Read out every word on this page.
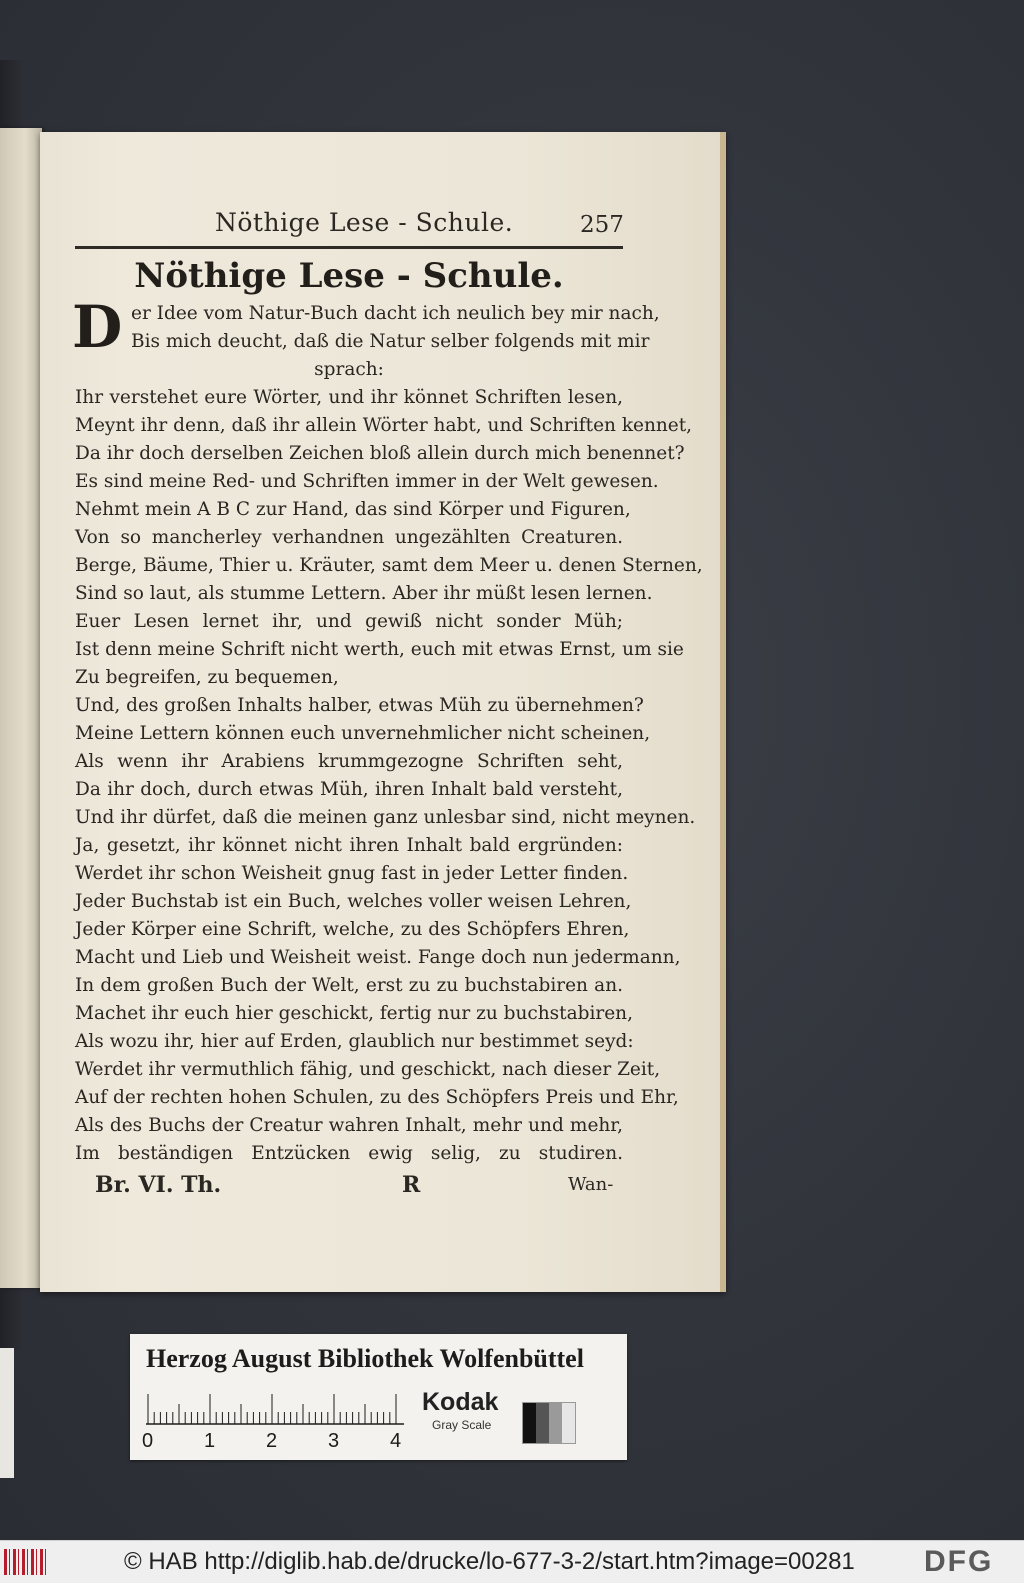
Nöthige Lese - Schule.	257
Nöthige Lese - Schule.
D er Idee vom Natur-Buch dacht ich neulich bey mir nach,
Bis mich deucht, daß die Natur selber folgends mit mir
sprach:
Ihr verstehet eure Wörter, und ihr könnet Schriften lesen,
Meynt ihr denn, daß ihr allein Wörter habt, und Schriften kennet,
Da ihr doch derselben Zeichen bloß allein durch mich benennet?
Es sind meine Red- und Schriften immer in der Welt gewesen.
Nehmt mein A B C zur Hand, das sind Körper und Figuren,
Von so mancherley verhandnen ungezählten Creaturen.
Berge, Bäume, Thier u. Kräuter, samt dem Meer u. denen Sternen,
Sind so laut, als stumme Lettern. Aber ihr müßt lesen lernen.
Euer Lesen lernet ihr, und gewiß nicht sonder Müh;
Ist denn meine Schrift nicht werth, euch mit etwas Ernst, um sie
Zu begreifen, zu bequemen,
Und, des großen Inhalts halber, etwas Müh zu übernehmen?
Meine Lettern können euch unvernehmlicher nicht scheinen,
Als wenn ihr Arabiens krummgezogne Schriften seht,
Da ihr doch, durch etwas Müh, ihren Inhalt bald versteht,
Und ihr dürfet, daß die meinen ganz unlesbar sind, nicht meynen.
Ja, gesetzt, ihr könnet nicht ihren Inhalt bald ergründen:
Werdet ihr schon Weisheit gnug fast in jeder Letter finden.
Jeder Buchstab ist ein Buch, welches voller weisen Lehren,
Jeder Körper eine Schrift, welche, zu des Schöpfers Ehren,
Macht und Lieb und Weisheit weist. Fange doch nun jedermann,
In dem großen Buch der Welt, erst zu zu buchstabiren an.
Machet ihr euch hier geschickt, fertig nur zu buchstabiren,
Als wozu ihr, hier auf Erden, glaublich nur bestimmet seyd:
Werdet ihr vermuthlich fähig, und geschickt, nach dieser Zeit,
Auf der rechten hohen Schulen, zu des Schöpfers Preis und Ehr,
Als des Buchs der Creatur wahren Inhalt, mehr und mehr,
Im beständigen Entzücken ewig selig, zu studiren.
Br. VI. Th.	R	Wan-
Herzog August Bibliothek Wolfenbüttel
0	1	2	3	4
Kodak
Gray Scale
© HAB http://diglib.hab.de/drucke/lo-677-3-2/start.htm?image=00281 DFG
